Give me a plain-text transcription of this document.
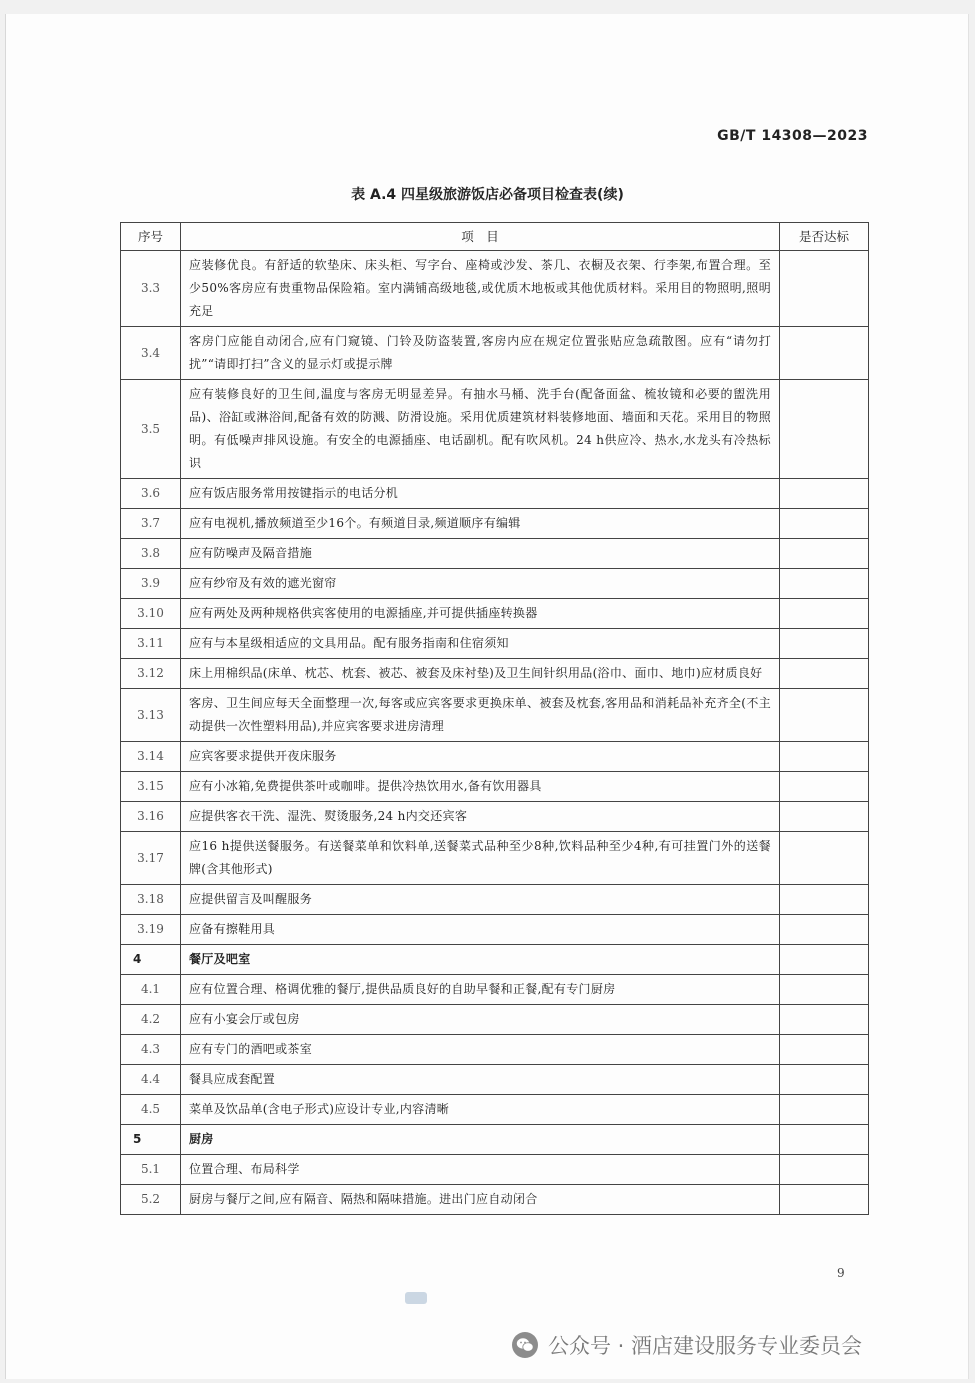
GB/T 14308—2023
表 A.4 四星级旅游饭店必备项目检查表(续)
序号	项　目	是否达标
3.3	应装修优良。有舒适的软垫床、床头柜、写字台、座椅或沙发、茶几、衣橱及衣架、行李架,布置合理。至少50%客房应有贵重物品保险箱。室内满铺高级地毯,或优质木地板或其他优质材料。采用目的物照明,照明充足	
3.4	客房门应能自动闭合,应有门窥镜、门铃及防盗装置,客房内应在规定位置张贴应急疏散图。应有“请勿打扰”“请即打扫”含义的显示灯或提示牌	
3.5	应有装修良好的卫生间,温度与客房无明显差异。有抽水马桶、洗手台(配备面盆、梳妆镜和必要的盥洗用品)、浴缸或淋浴间,配备有效的防溅、防滑设施。采用优质建筑材料装修地面、墙面和天花。采用目的物照明。有低噪声排风设施。有安全的电源插座、电话副机。配有吹风机。24 h供应冷、热水,水龙头有冷热标识	
3.6	应有饭店服务常用按键指示的电话分机	
3.7	应有电视机,播放频道至少16个。有频道目录,频道顺序有编辑	
3.8	应有防噪声及隔音措施	
3.9	应有纱帘及有效的遮光窗帘	
3.10	应有两处及两种规格供宾客使用的电源插座,并可提供插座转换器	
3.11	应有与本星级相适应的文具用品。配有服务指南和住宿须知	
3.12	床上用棉织品(床单、枕芯、枕套、被芯、被套及床衬垫)及卫生间针织用品(浴巾、面巾、地巾)应材质良好	
3.13	客房、卫生间应每天全面整理一次,每客或应宾客要求更换床单、被套及枕套,客用品和消耗品补充齐全(不主动提供一次性塑料用品),并应宾客要求进房清理	
3.14	应宾客要求提供开夜床服务	
3.15	应有小冰箱,免费提供茶叶或咖啡。提供冷热饮用水,备有饮用器具	
3.16	应提供客衣干洗、湿洗、熨烫服务,24 h内交还宾客	
3.17	应16 h提供送餐服务。有送餐菜单和饮料单,送餐菜式品种至少8种,饮料品种至少4种,有可挂置门外的送餐牌(含其他形式)	
3.18	应提供留言及叫醒服务	
3.19	应备有擦鞋用具	
4	餐厅及吧室	
4.1	应有位置合理、格调优雅的餐厅,提供品质良好的自助早餐和正餐,配有专门厨房	
4.2	应有小宴会厅或包房	
4.3	应有专门的酒吧或茶室	
4.4	餐具应成套配置	
4.5	菜单及饮品单(含电子形式)应设计专业,内容清晰	
5	厨房	
5.1	位置合理、布局科学	
5.2	厨房与餐厅之间,应有隔音、隔热和隔味措施。进出门应自动闭合	
9
公众号 · 酒店建设服务专业委员会
